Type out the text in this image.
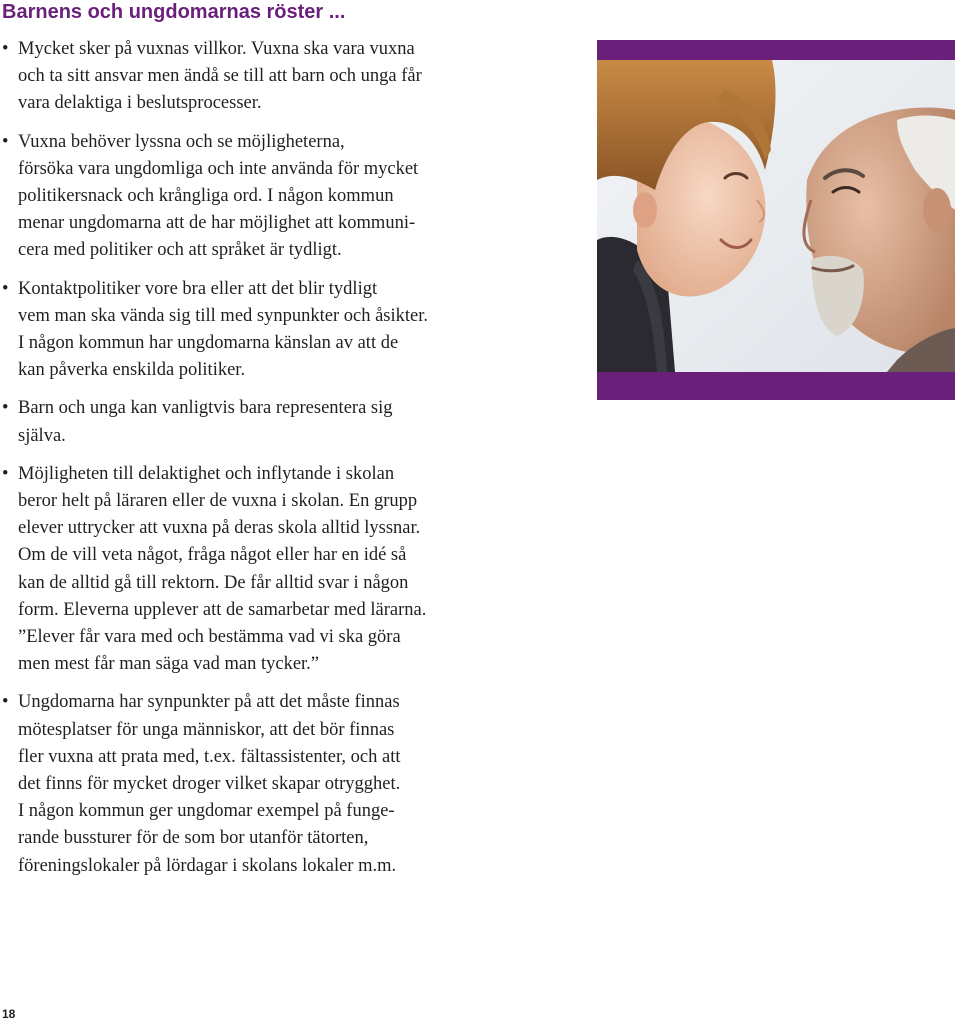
Barnens och ungdomarnas röster ...
• Mycket sker på vuxnas villkor. Vuxna ska vara vuxna
och ta sitt ansvar men ändå se till att barn och unga får
vara delaktiga i beslutsprocesser.
• Vuxna behöver lyssna och se möjligheterna,
försöka vara ungdomliga och inte använda för mycket
politikersnack och krångliga ord. I någon kommun
menar ungdomarna att de har möjlighet att kommuni-
cera med politiker och att språket är tydligt.
• Kontaktpolitiker vore bra eller att det blir tydligt
vem man ska vända sig till med synpunkter och åsikter.
I någon kommun har ungdomarna känslan av att de
kan påverka enskilda politiker.
• Barn och unga kan vanligtvis bara representera sig
själva.
• Möjligheten till delaktighet och inflytande i skolan
beror helt på läraren eller de vuxna i skolan. En grupp
elever uttrycker att vuxna på deras skola alltid lyssnar.
Om de vill veta något, fråga något eller har en idé så
kan de alltid gå till rektorn. De får alltid svar i någon
form. Eleverna upplever att de samarbetar med lärarna.
”Elever får vara med och bestämma vad vi ska göra
men mest får man säga vad man tycker.”
• Ungdomarna har synpunkter på att det måste finnas
mötesplatser för unga människor, att det bör finnas
fler vuxna att prata med, t.ex. fältassistenter, och att
det finns för mycket droger vilket skapar otrygghet.
I någon kommun ger ungdomar exempel på funge-
rande bussturer för de som bor utanför tätorten,
föreningslokaler på lördagar i skolans lokaler m.m.

18
